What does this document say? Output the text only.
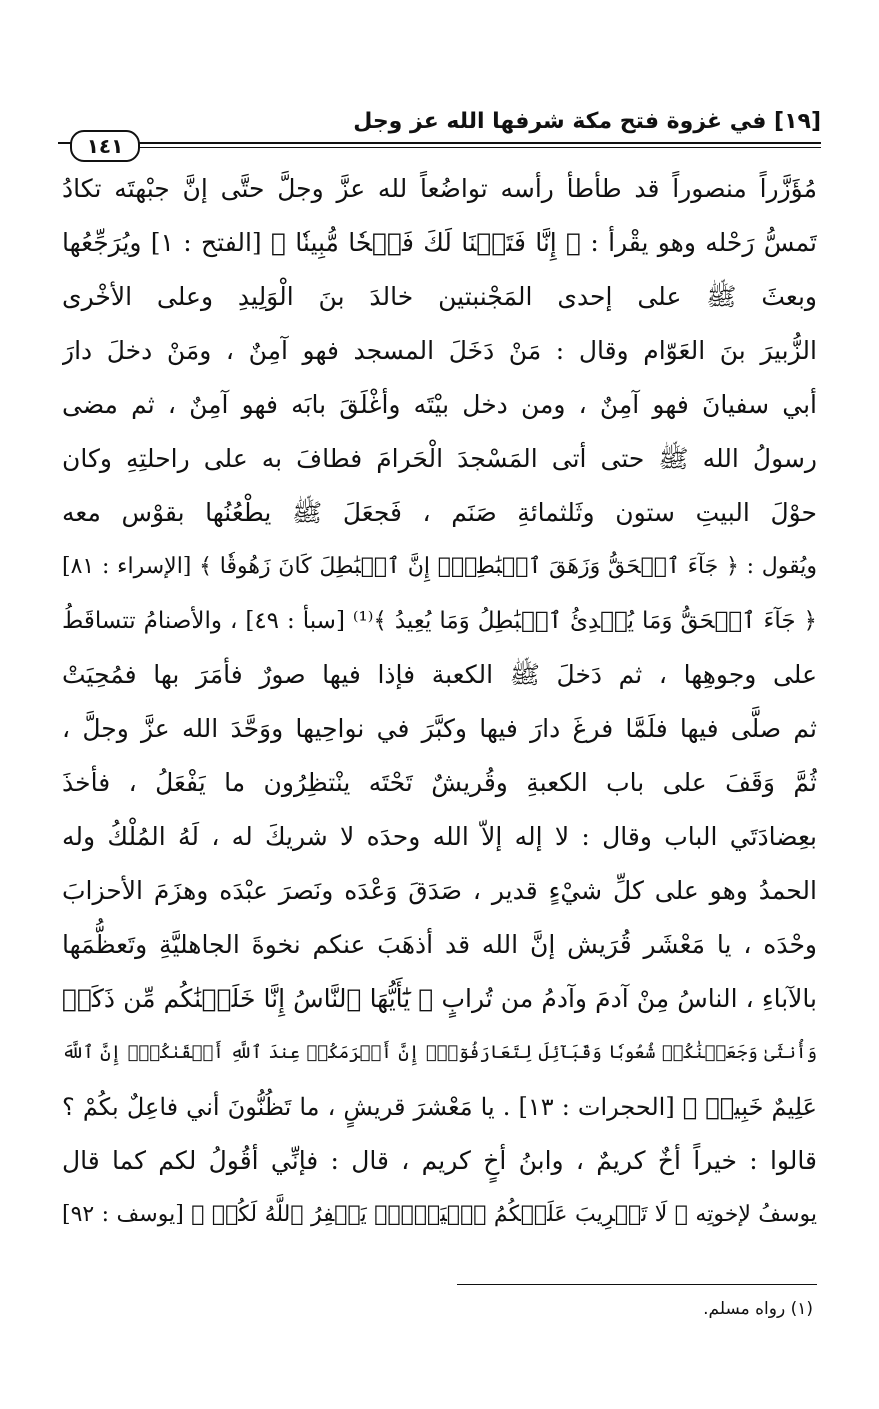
[١٩] في غزوة فتح مكة شرفها الله عز وجل
١٤١
مُؤَزَّراً منصوراً قد طأطأ رأسه تواضُعاً لله عزَّ وجلَّ حتَّى إنَّ جبْهتَه تكادُ
تَمسُّ رَحْله وهو يقْرأ : ﴿ إِنَّا فَتَحۡنَا لَكَ فَتۡحٗا مُّبِينٗا ﴾ [الفتح : ١] ويُرَجِّعُها
وبعثَ ﷺ على إحدى المَجْنبتين خالدَ بنَ الْوَلِيدِ وعلى الأخْرى
الزُّبيرَ بنَ العَوّام وقال : مَنْ دَخَلَ المسجد فهو آمِنٌ ، ومَنْ دخلَ دارَ
أبي سفيانَ فهو آمِنٌ ، ومن دخل بيْتَه وأغْلَقَ بابَه فهو آمِنٌ ، ثم مضى
رسولُ الله ﷺ حتى أتى المَسْجدَ الْحَرامَ فطافَ به على راحلتِهِ وكان
حوْلَ البيتِ ستون وثَلثمائةِ صَنَم ، فَجعَلَ ﷺ يطْعُنُها بقوْس معه
ويُقول : ﴿ جَآءَ ٱلۡحَقُّ وَزَهَقَ ٱلۡبَٰطِلُۚ إِنَّ ٱلۡبَٰطِلَ كَانَ زَهُوقٗا ﴾ [الإسراء : ٨١]
﴿ جَآءَ ٱلۡحَقُّ وَمَا يُبۡدِئُ ٱلۡبَٰطِلُ وَمَا يُعِيدُ ﴾⁽¹⁾ [سبأ : ٤٩] ، والأصنامُ تتساقَطُ
على وجوهِها ، ثم دَخلَ ﷺ الكعبة فإذا فيها صورٌ فأمَرَ بها فمُحِيَتْ
ثم صلَّى فيها فلَمَّا فرغَ دارَ فيها وكبَّرَ في نواحِيها ووَحَّدَ الله عزَّ وجلَّ ،
ثُمَّ وَقَفَ على باب الكعبةِ وقُريشٌ تَحْتَه ينْتظِرُون ما يَفْعَلُ ، فأخذَ
بعِضادَتَي الباب وقال : لا إله إلاّ الله وحدَه لا شريكَ له ، لَهُ المُلْكُ وله
الحمدُ وهو على كلِّ شيْءٍ قدير ، صَدَقَ وَعْدَه ونَصرَ عبْدَه وهزَمَ الأحزابَ
وحْدَه ، يا مَعْشَر قُرَيش إنَّ الله قد أذهَبَ عنكم نخوةَ الجاهليَّةِ وتَعظُّمَها
بالآباءِ ، الناسُ مِنْ آدمَ وآدمُ من تُرابٍ ﴿ يَٰٓأَيُّهَا ٱلنَّاسُ إِنَّا خَلَقۡنَٰكُم مِّن ذَكَرٖ
وَأُنثَىٰ وَجَعَلۡنَٰكُمۡ شُعُوبٗا وَقَبَآئِلَ لِتَعَارَفُوٓاْۚ إِنَّ أَكۡرَمَكُمۡ عِندَ ٱللَّهِ أَتۡقَىٰكُمۡۚ إِنَّ ٱللَّهَ
عَلِيمٌ خَبِيرٞ ﴾ [الحجرات : ١٣] . يا مَعْشرَ قريشٍ ، ما تَظُنُّونَ أني فاعِلٌ بكُمْ ؟
قالوا : خيراً أخٌ كريمٌ ، وابنُ أخٍ كريم ، قال : فإنِّي أقُولُ لكم كما قال
يوسفُ لإخوتِه ﴿ لَا تَثۡرِيبَ عَلَيۡكُمُ ٱلۡيَوۡمَۖ يَغۡفِرُ ٱللَّهُ لَكُمۡ ﴾ [يوسف : ٩٢]
(١) رواه مسلم.
